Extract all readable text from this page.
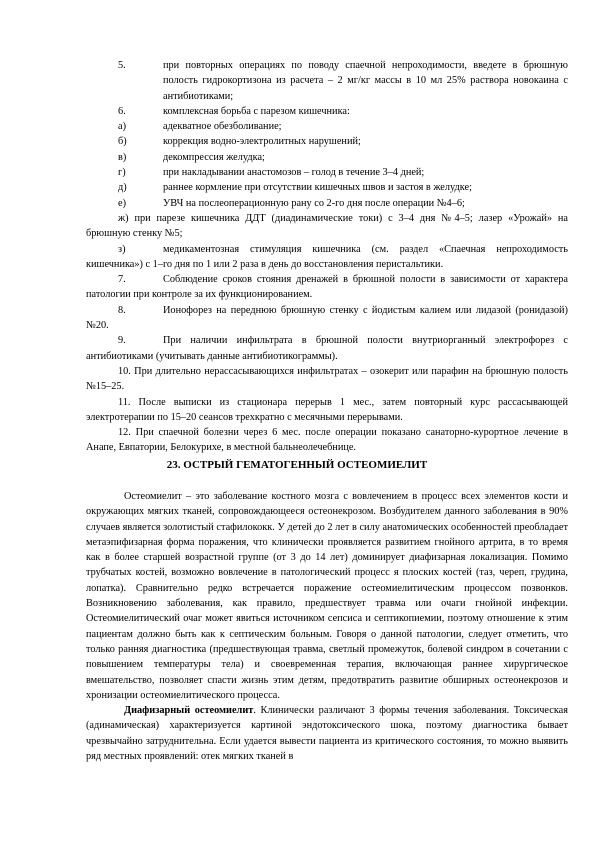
5.	при повторных операциях по поводу спаечной непроходимости, введете в брюшную полость гидрокортизона из расчета – 2 мг/кг массы в 10 мл 25% раствора новокаина с антибиотиками;

6.	комплексная борьба с парезом кишечника:

а)	адекватное обезболивание;

б)	коррекция водно-электролитных нарушений;

в)	декомпрессия желудка;

г)	при накладывании анастомозов – голод в течение 3–4 дней;

д)	раннее кормление при отсутствии кишечных швов и застоя в желудке;

е)	УВЧ на послеоперационную рану со 2-го дня после операции №4–6;

ж) при парезе кишечника ДДТ (диадинамические токи) с 3–4 дня №4–5; лазер «Урожай» на брюшную стенку №5;

з)	медикаментозная стимуляция кишечника (см. раздел «Спаечная непроходимость кишечника») с 1–го дня по 1 или 2 раза в день до восстановления перистальтики.

7.	Соблюдение сроков стояния дренажей в брюшной полости в зависимости от характера патологии при контроле за их функционированием.

8.	Ионофорез на переднюю брюшную стенку с йодистым калием или лидазой (ронидазой) №20.

9.	При наличии инфильтрата в брюшной полости внутриорганный электрофорез с антибиотиками (учитывать данные антибиотикограммы).

10. При длительно нерассасывающихся инфильтратах – озокерит или парафин на брюшную полость №15–25.

11. После выписки из стационара перерыв 1 мес., затем повторный курс рассасывающей электротерапии по 15–20 сеансов трехкратно с месячными перерывами.

12. При спаечной болезни через 6 мес. после операции показано санаторно-курортное лечение в Анапе, Евпатории, Белокурихе, в местной бальнеолечебнице.

23. ОСТРЫЙ ГЕМАТОГЕННЫЙ ОСТЕОМИЕЛИТ

Остеомиелит – это заболевание костного мозга с вовлечением в процесс всех элементов кости и окружающих мягких тканей, сопровождающееся остеонекрозом. Возбудителем данного заболевания в 90% случаев является золотистый стафилококк. У детей до 2 лет в силу анатомических особенностей преобладает метаэпифизарная форма поражения, что клинически проявляется развитием гнойного артрита, в то время как в более старшей возрастной группе (от 3 до 14 лет) доминирует диафизарная локализация. Помимо трубчатых костей, возможно вовлечение в патологический процесс я плоских костей (таз, череп, грудина, лопатка). Сравнительно редко встречается поражение остеомиелитическим процессом позвонков. Возникновению заболевания, как правило, предшествует травма или очаги гнойной инфекции. Остеомиелитический очаг может явиться источником сепсиса и септикопиемии, поэтому отношение к этим пациентам должно быть как к септическим больным. Говоря о данной патологии, следует отметить, что только ранняя диагностика (предшествующая травма, светлый промежуток, болевой синдром в сочетании с повышением температуры тела) и своевременная терапия, включающая раннее хирургическое вмешательство, позволяет спасти жизнь этим детям, предотвратить развитие обширных остеонекрозов и хронизации остеомиелитического процесса.

Диафизарный остеомиелит. Клинически различают 3 формы течения заболевания. Токсическая (адинамическая) характеризуется картиной эндотоксического шока, поэтому диагностика бывает чрезвычайно затруднительна. Если удается вывести пациента из критического состояния, то можно выявить ряд местных проявлений: отек мягких тканей в
